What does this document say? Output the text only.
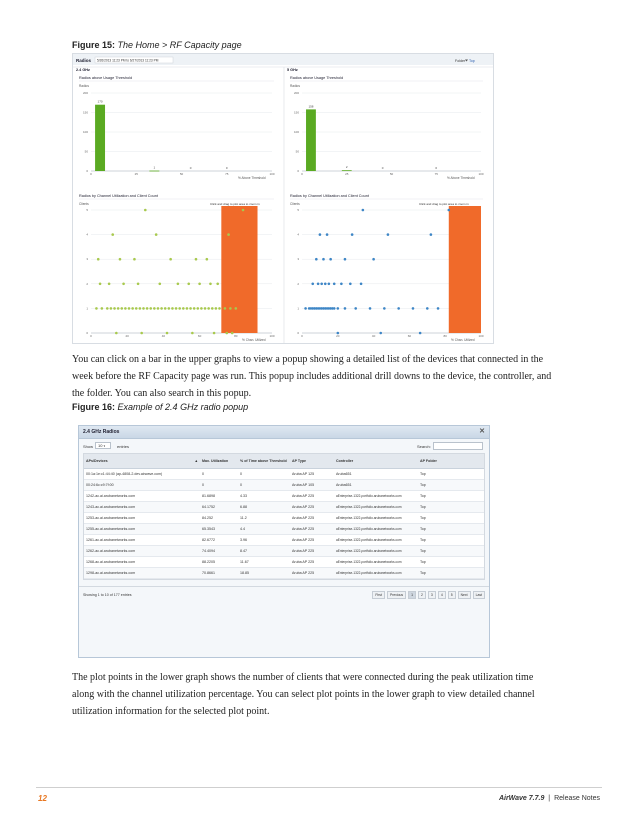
Figure 15: The Home > RF Capacity page
Radios 5/26/2013 11:23 PM to 6/27/2013 11:23 PM	Folder Top
2.4 GHz	5 GHz
Radios above Usage Threshold
Radios
0
50
100
150
200
170
1	0	0
0	25	50	75	100
% Above Threshold
Radios above Usage Threshold
Radios
0
50
100
150
200
158
2	0	0
0	25	50	75	100
% Above Threshold
Radios by Channel Utilization and Client Count
Clients	Click and drag to plot area to zoom in
0
1
2
3
4
5
0	20	40	60	80	100
% Chan. Utilized
Radios by Channel Utilization and Client Count
Clients	Click and drag to plot area to zoom in
0
1
2
3
4
5
0	20	40	60	80	100
% Chan. Utilized
You can click on a bar in the upper graphs to view a popup showing a detailed list of the devices that connected in the
week before the RF Capacity page was run. This popup includes additional drill downs to the device, the controller, and
the folder. You can also search in this popup.
Figure 16: Example of 2.4 GHz radio popup
2.4 GHz Radios	✕
Show	10 ▾	entries	Search:
APs/Devices ▲	Max. Utilization	% of Time above Threshold	AP Type	Controller	AP Folder
00:1a:1e:c1:44:40 (ap-4808-2.dev.airwave.com)	0	0	Aruba AP 125	Aruba651	Top
00:24:6c:c9:7f:00	0	0	Aruba AP 105	Aruba651	Top
1242-ac.ai.arubanetworks.com	81.6898	4.33	Aruba AP 225	aEnterprise-1322-portfolio.arubanetworks.com	Top
1243-ac.ai.arubanetworks.com	64.1752	6.88	Aruba AP 225	aEnterprise-1322-portfolio.arubanetworks.com	Top
1253-ac.ai.arubanetworks.com	84.252	11.2	Aruba AP 225	aEnterprise-1322-portfolio.arubanetworks.com	Top
1255-ac.ai.arubanetworks.com	65.3543	4.4	Aruba AP 225	aEnterprise-1322-portfolio.arubanetworks.com	Top
1261-ac.ai.arubanetworks.com	82.6772	3.96	Aruba AP 225	aEnterprise-1322-portfolio.arubanetworks.com	Top
1262-ac.ai.arubanetworks.com	74.4094	8.47	Aruba AP 225	aEnterprise-1322-portfolio.arubanetworks.com	Top
1268-ac.ai.arubanetworks.com	88.2205	11.67	Aruba AP 225	aEnterprise-1322-portfolio.arubanetworks.com	Top
1298-ac.ai.arubanetworks.com	70.8661	18.85	Aruba AP 225	aEnterprise-1322-portfolio.arubanetworks.com	Top
Showing 1 to 10 of 177 entries	First Previous 1 2 3 4 5 Next Last
The plot points in the lower graph shows the number of clients that were connected during the peak utilization time
along with the channel utilization percentage. You can select plot points in the lower graph to view detailed channel
utilization information for the selected plot point.
12	AirWave 7.7.9 | Release Notes
